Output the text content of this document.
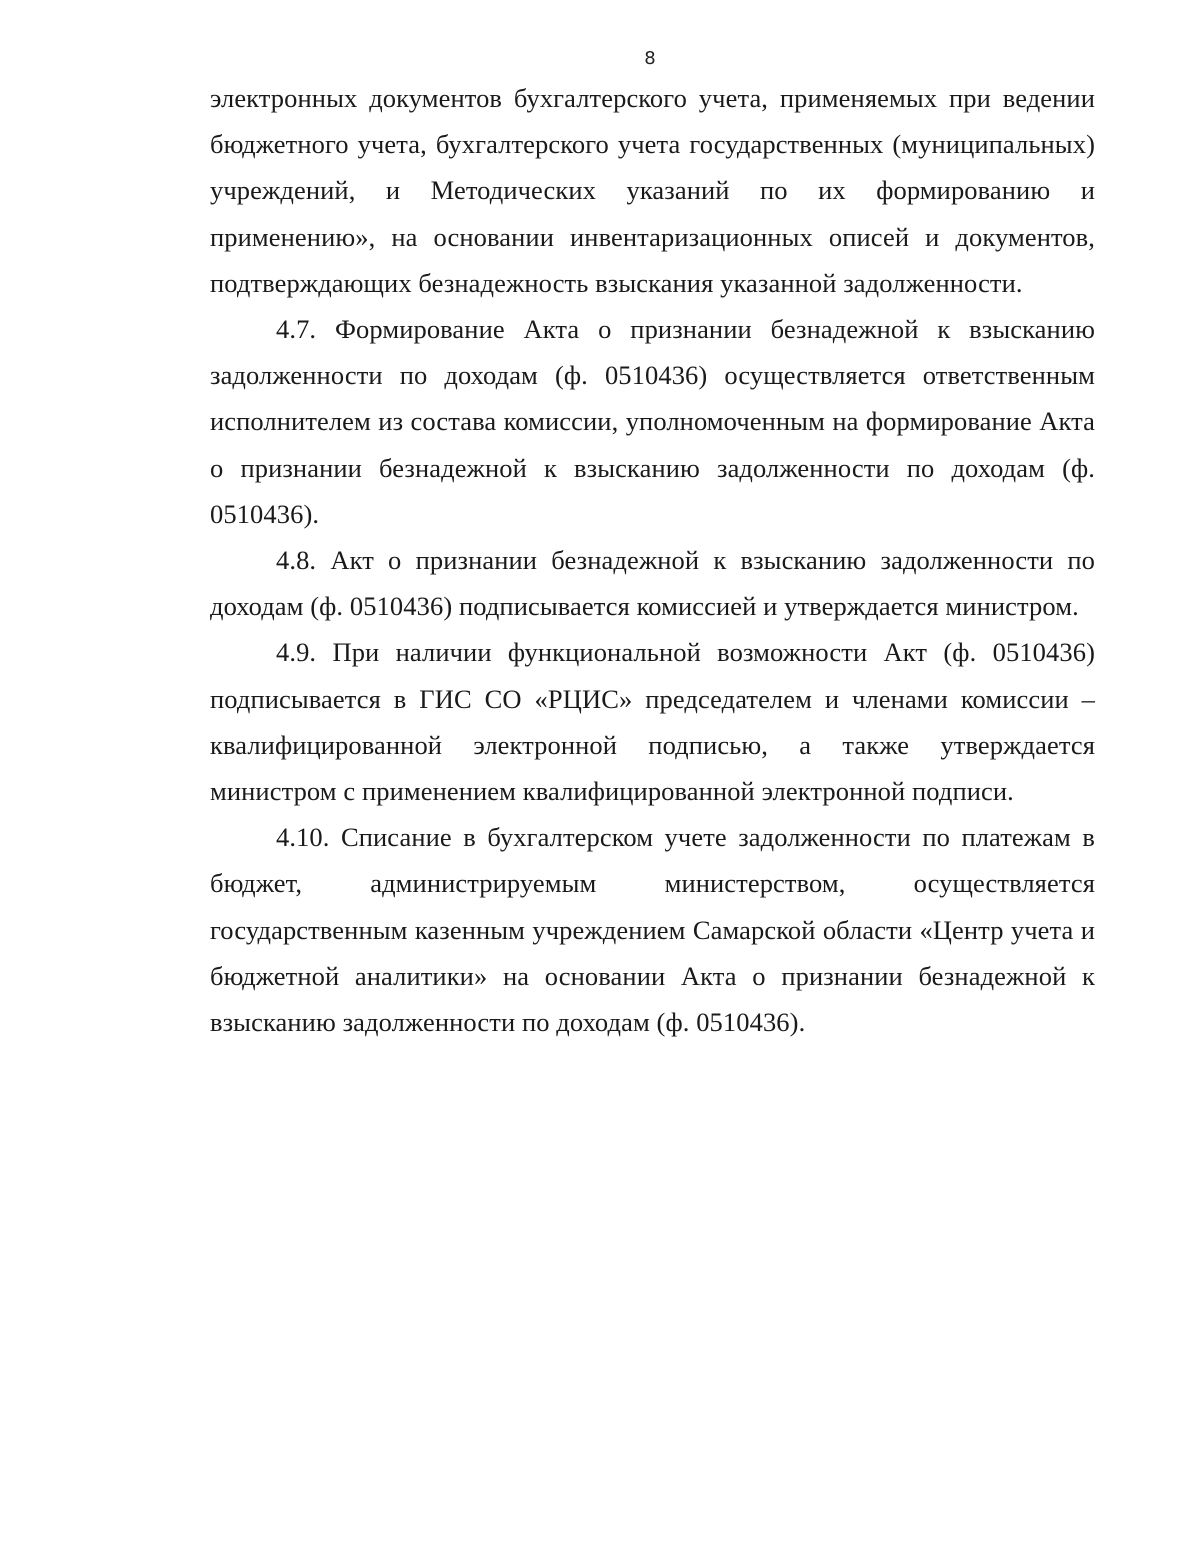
8

электронных документов бухгалтерского учета, применяемых при ведении бюджетного учета, бухгалтерского учета государственных (муниципальных) учреждений, и Методических указаний по их формированию и применению», на основании инвентаризационных описей и документов, подтверждающих безнадежность взыскания указанной задолженности.

4.7. Формирование Акта о признании безнадежной к взысканию задолженности по доходам (ф. 0510436) осуществляется ответственным исполнителем из состава комиссии, уполномоченным на формирование Акта о признании безнадежной к взысканию задолженности по доходам (ф. 0510436).

4.8. Акт о признании безнадежной к взысканию задолженности по доходам (ф. 0510436) подписывается комиссией и утверждается министром.

4.9. При наличии функциональной возможности Акт (ф. 0510436) подписывается в ГИС СО «РЦИС» председателем и членами комиссии – квалифицированной электронной подписью, а также утверждается министром с применением квалифицированной электронной подписи.

4.10. Списание в бухгалтерском учете задолженности по платежам в бюджет, администрируемым министерством, осуществляется государственным казенным учреждением Самарской области «Центр учета и бюджетной аналитики» на основании Акта о признании безнадежной к взысканию задолженности по доходам (ф. 0510436).
